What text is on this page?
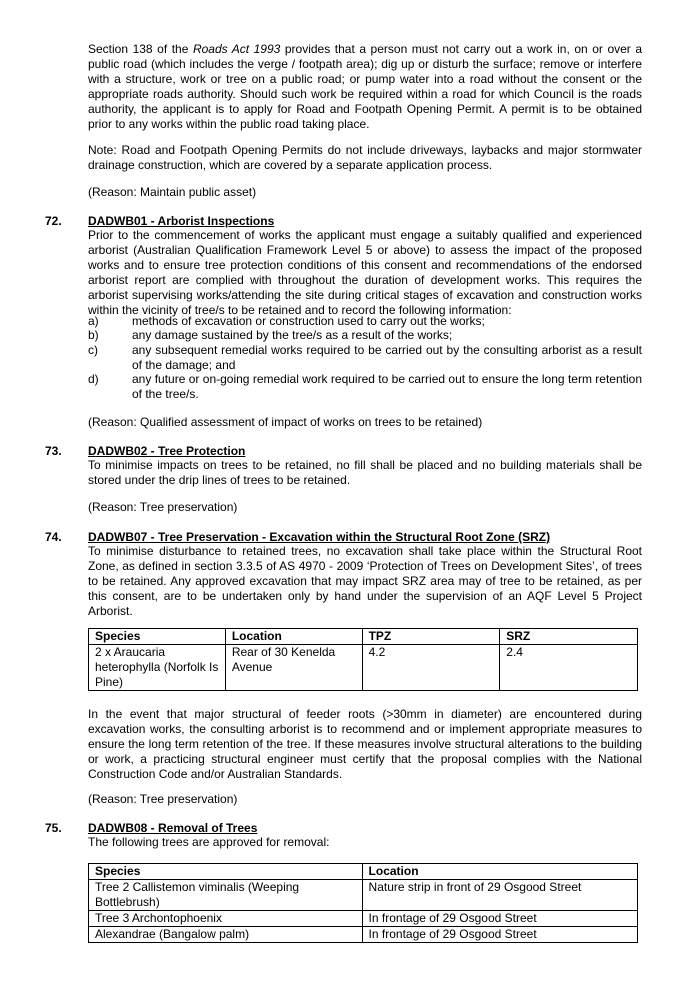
Section 138 of the Roads Act 1993 provides that a person must not carry out a work in, on or over a public road (which includes the verge / footpath area); dig up or disturb the surface; remove or interfere with a structure, work or tree on a public road; or pump water into a road without the consent or the appropriate roads authority. Should such work be required within a road for which Council is the roads authority, the applicant is to apply for Road and Footpath Opening Permit. A permit is to be obtained prior to any works within the public road taking place.
Note: Road and Footpath Opening Permits do not include driveways, laybacks and major stormwater drainage construction, which are covered by a separate application process.
(Reason: Maintain public asset)
72. DADWB01 - Arborist Inspections
Prior to the commencement of works the applicant must engage a suitably qualified and experienced arborist (Australian Qualification Framework Level 5 or above) to assess the impact of the proposed works and to ensure tree protection conditions of this consent and recommendations of the endorsed arborist report are complied with throughout the duration of development works. This requires the arborist supervising works/attending the site during critical stages of excavation and construction works within the vicinity of tree/s to be retained and to record the following information:
a)	methods of excavation or construction used to carry out the works;
b)	any damage sustained by the tree/s as a result of the works;
c)	any subsequent remedial works required to be carried out by the consulting arborist as a result of the damage; and
d)	any future or on-going remedial work required to be carried out to ensure the long term retention of the tree/s.
(Reason: Qualified assessment of impact of works on trees to be retained)
73. DADWB02 - Tree Protection
To minimise impacts on trees to be retained, no fill shall be placed and no building materials shall be stored under the drip lines of trees to be retained.
(Reason: Tree preservation)
74. DADWB07 - Tree Preservation - Excavation within the Structural Root Zone (SRZ)
To minimise disturbance to retained trees, no excavation shall take place within the Structural Root Zone, as defined in section 3.3.5 of AS 4970 - 2009 ‘Protection of Trees on Development Sites’, of trees to be retained. Any approved excavation that may impact SRZ area may of tree to be retained, as per this consent, are to be undertaken only by hand under the supervision of an AQF Level 5 Project Arborist.
Species	Location	TPZ	SRZ
2 x Araucaria heterophylla (Norfolk Is Pine)	Rear of 30 Kenelda Avenue	4.2	2.4
In the event that major structural of feeder roots (>30mm in diameter) are encountered during excavation works, the consulting arborist is to recommend and or implement appropriate measures to ensure the long term retention of the tree. If these measures involve structural alterations to the building or work, a practicing structural engineer must certify that the proposal complies with the National Construction Code and/or Australian Standards.
(Reason: Tree preservation)
75. DADWB08 - Removal of Trees
The following trees are approved for removal:
Species	Location
Tree 2 Callistemon viminalis (Weeping Bottlebrush)	Nature strip in front of 29 Osgood Street
Tree 3 Archontophoenix	In frontage of 29 Osgood Street
Alexandrae (Bangalow palm)	In frontage of 29 Osgood Street
